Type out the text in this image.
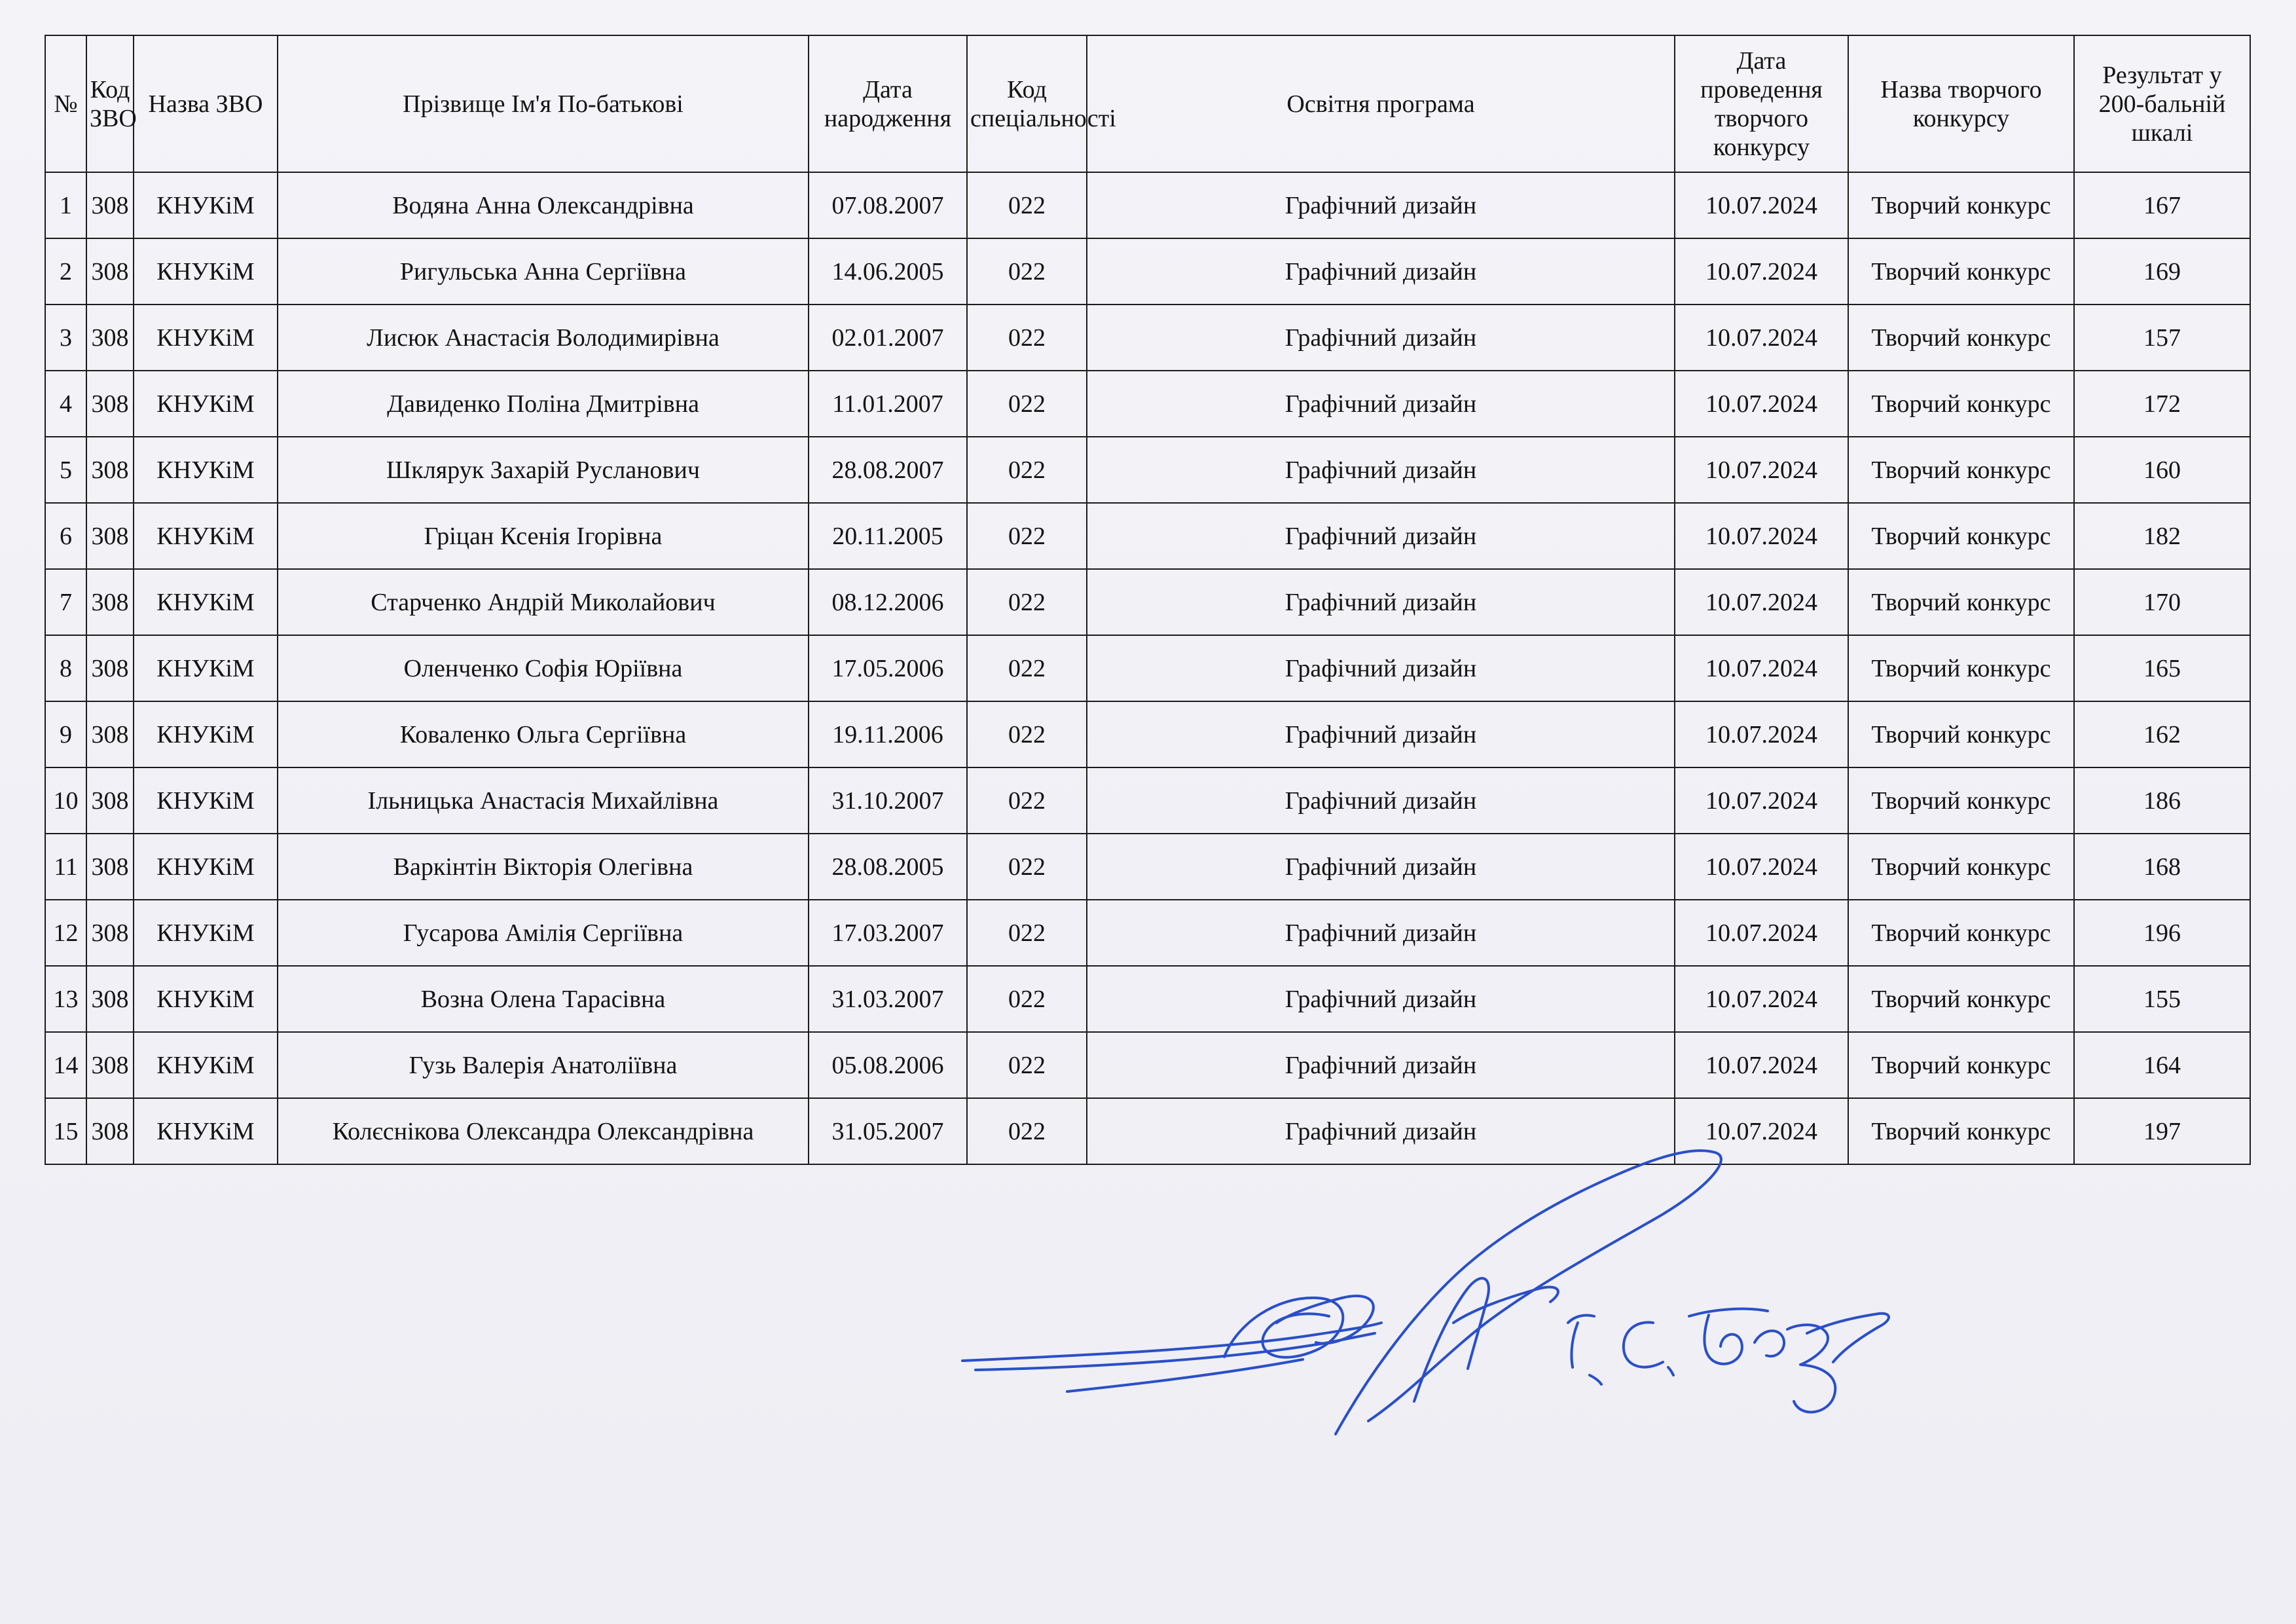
№	Код ЗВО	Назва ЗВО	Прізвище Ім'я По-батькові	Дата народження	Код спеціальності	Освітня програма	Дата проведення творчого конкурсу	Назва творчого конкурсу	Результат у 200-бальній шкалі
1	308	КНУКіМ	Водяна Анна Олександрівна	07.08.2007	022	Графічний дизайн	10.07.2024	Творчий конкурс	167
2	308	КНУКіМ	Ригульська Анна Сергіївна	14.06.2005	022	Графічний дизайн	10.07.2024	Творчий конкурс	169
3	308	КНУКіМ	Лисюк Анастасія Володимирівна	02.01.2007	022	Графічний дизайн	10.07.2024	Творчий конкурс	157
4	308	КНУКіМ	Давиденко Поліна Дмитрівна	11.01.2007	022	Графічний дизайн	10.07.2024	Творчий конкурс	172
5	308	КНУКіМ	Шклярук Захарій Русланович	28.08.2007	022	Графічний дизайн	10.07.2024	Творчий конкурс	160
6	308	КНУКіМ	Гріцан Ксенія Ігорівна	20.11.2005	022	Графічний дизайн	10.07.2024	Творчий конкурс	182
7	308	КНУКіМ	Старченко Андрій Миколайович	08.12.2006	022	Графічний дизайн	10.07.2024	Творчий конкурс	170
8	308	КНУКіМ	Оленченко Софія Юріївна	17.05.2006	022	Графічний дизайн	10.07.2024	Творчий конкурс	165
9	308	КНУКіМ	Коваленко Ольга Сергіївна	19.11.2006	022	Графічний дизайн	10.07.2024	Творчий конкурс	162
10	308	КНУКіМ	Ільницька Анастасія Михайлівна	31.10.2007	022	Графічний дизайн	10.07.2024	Творчий конкурс	186
11	308	КНУКіМ	Варкінтін Вікторія Олегівна	28.08.2005	022	Графічний дизайн	10.07.2024	Творчий конкурс	168
12	308	КНУКіМ	Гусарова Амілія Сергіївна	17.03.2007	022	Графічний дизайн	10.07.2024	Творчий конкурс	196
13	308	КНУКіМ	Возна Олена Тарасівна	31.03.2007	022	Графічний дизайн	10.07.2024	Творчий конкурс	155
14	308	КНУКіМ	Гузь Валерія Анатоліївна	05.08.2006	022	Графічний дизайн	10.07.2024	Творчий конкурс	164
15	308	КНУКіМ	Колєснікова Олександра Олександрівна	31.05.2007	022	Графічний дизайн	10.07.2024	Творчий конкурс	197
